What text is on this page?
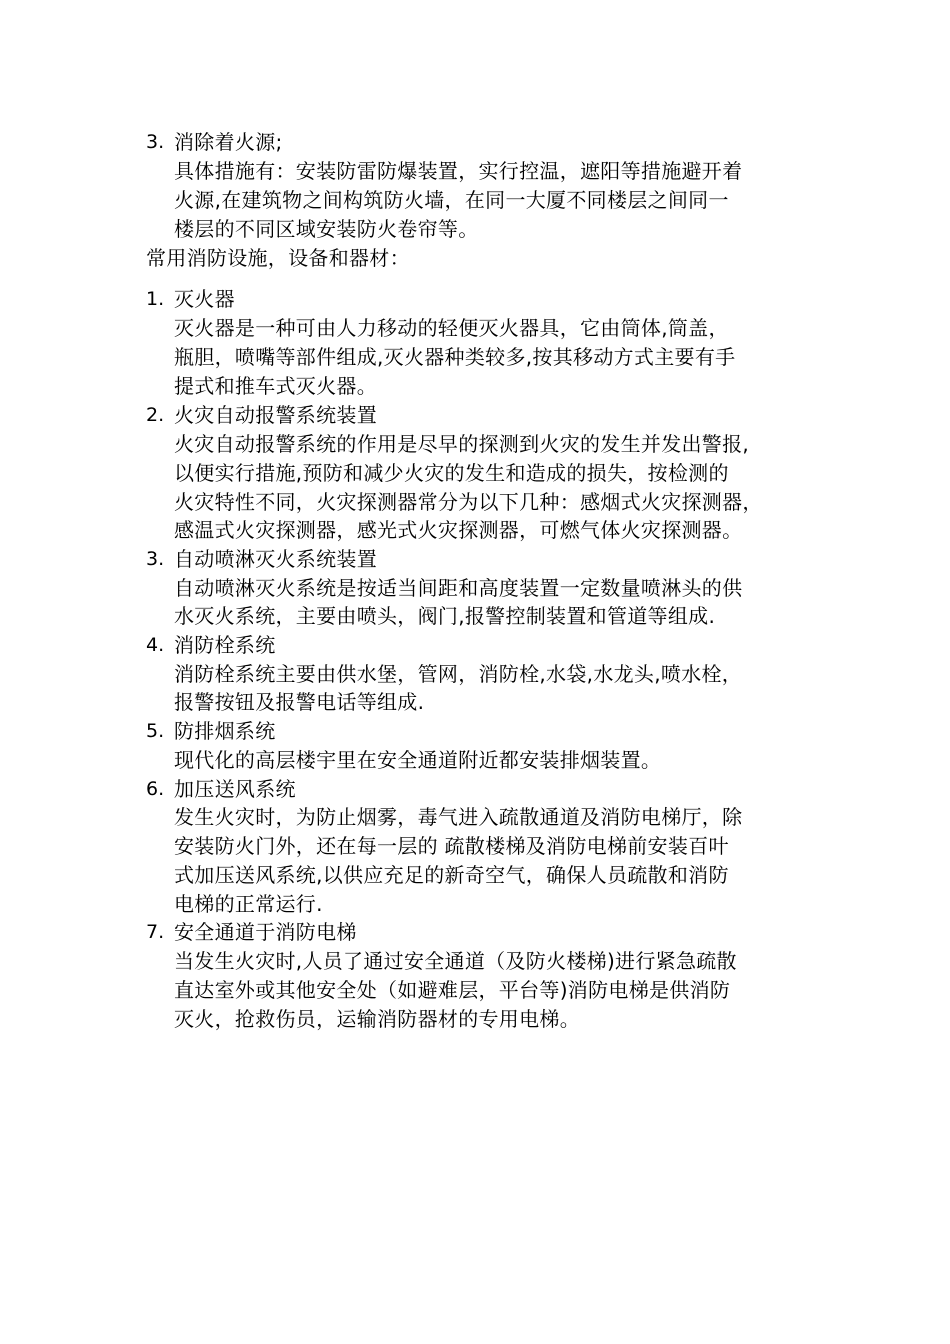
3. 消除着火源;
具体措施有：安装防雷防爆装置，实行控温，遮阳等措施避开着
火源,在建筑物之间构筑防火墙，在同一大厦不同楼层之间同一
楼层的不同区域安装防火卷帘等。
常用消防设施，设备和器材：
1. 灭火器
灭火器是一种可由人力移动的轻便灭火器具，它由筒体,筒盖，
瓶胆，喷嘴等部件组成,灭火器种类较多,按其移动方式主要有手
提式和推车式灭火器。
2. 火灾自动报警系统装置
火灾自动报警系统的作用是尽早的探测到火灾的发生并发出警报,
以便实行措施,预防和减少火灾的发生和造成的损失，按检测的
火灾特性不同，火灾探测器常分为以下几种：感烟式火灾探测器，
感温式火灾探测器，感光式火灾探测器，可燃气体火灾探测器。
3. 自动喷淋灭火系统装置
自动喷淋灭火系统是按适当间距和高度装置一定数量喷淋头的供
水灭火系统，主要由喷头，阀门,报警控制装置和管道等组成.
4. 消防栓系统
消防栓系统主要由供水堡，管网，消防栓,水袋,水龙头,喷水栓，
报警按钮及报警电话等组成.
5. 防排烟系统
现代化的高层楼宇里在安全通道附近都安装排烟装置。
6. 加压送风系统
发生火灾时，为防止烟雾，毒气进入疏散通道及消防电梯厅，除
安装防火门外，还在每一层的 疏散楼梯及消防电梯前安装百叶
式加压送风系统,以供应充足的新奇空气，确保人员疏散和消防
电梯的正常运行.
7. 安全通道于消防电梯
当发生火灾时,人员了通过安全通道（及防火楼梯)进行紧急疏散
直达室外或其他安全处（如避难层，平台等)消防电梯是供消防
灭火，抢救伤员，运输消防器材的专用电梯。
